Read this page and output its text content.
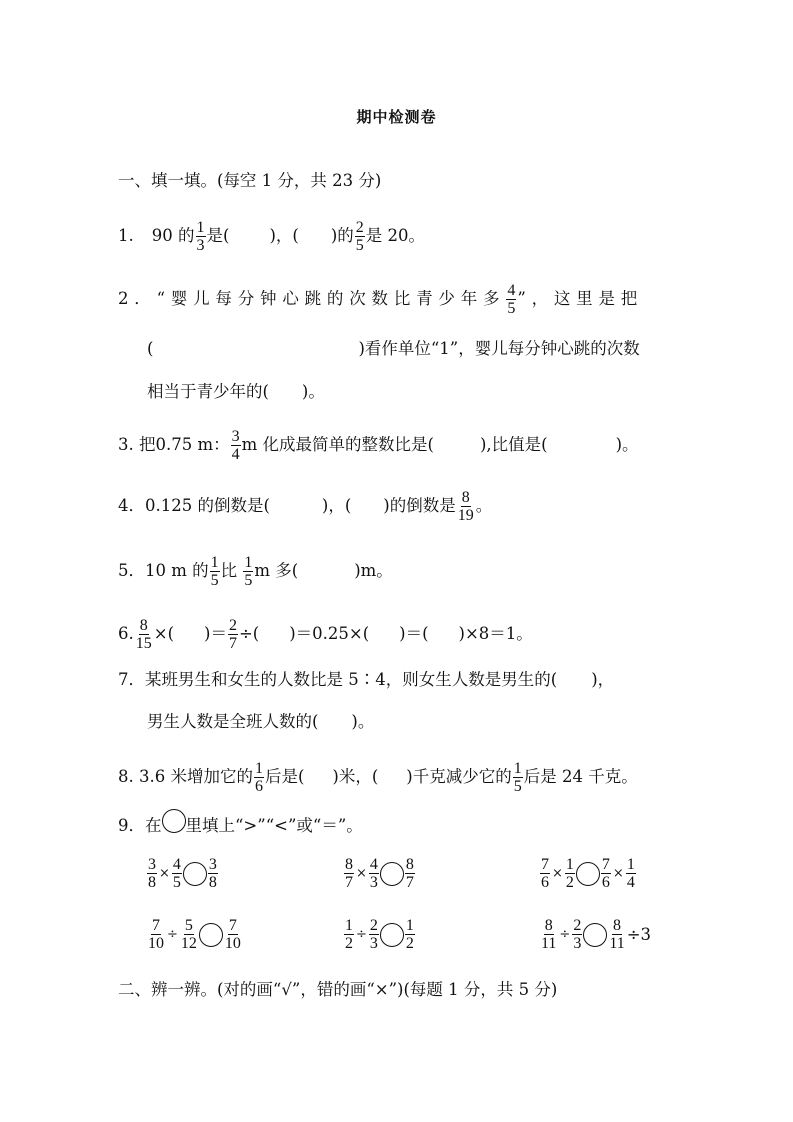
期中检测卷
一、填一填。(每空 1 分，共 23 分)
1. 90 的 $\frac{1}{3}$ 是( )，( )的 $\frac{2}{5}$ 是 20。
2．“婴儿每分钟心跳的次数比青少年多 $\frac{4}{5}$ ”，这里是把
(	)看作单位“1”，婴儿每分钟心跳的次数
相当于青少年的(　　)。
3. 把0.75 m： $\frac{3}{4}$ m 化成最简单的整数比是(	),比值是(	)。
4．0.125 的倒数是(	)，( )的倒数是 $\frac{8}{19}$ 。
5．10 m 的 $\frac{1}{5}$ 比 $\frac{1}{5}$ m 多(	)m。
6. $\frac{8}{15}$ ×( )＝ $\frac{2}{7}$ ÷( )＝0.25×( )＝( )×8＝1。
7．某班男生和女生的人数比是 5∶4，则女生人数是男生的( )，
男生人数是全班人数的(　　)。
8. 3.6 米增加它的 $\frac{1}{6}$ 后是( )米，( )千克减少它的 $\frac{1}{5}$ 后是 24 千克。
9．在 里填上“>”“<”或“＝”。
$\frac{3}{8} \times \frac{4}{5} \frac{3}{8}$	$\frac{8}{7} \times \frac{4}{3} \frac{8}{7}$	$\frac{7}{6} \times \frac{1}{2} \frac{7}{6} \times \frac{1}{4}$
$\frac{7}{10} \div \frac{5}{12} \frac{7}{10}$	$\frac{1}{2} \div \frac{2}{3} \frac{1}{2}$	$\frac{8}{11} \div \frac{2}{3} \frac{8}{11} \div 3$
二、辨一辨。(对的画“√”，错的画“×”)(每题 1 分，共 5 分)
